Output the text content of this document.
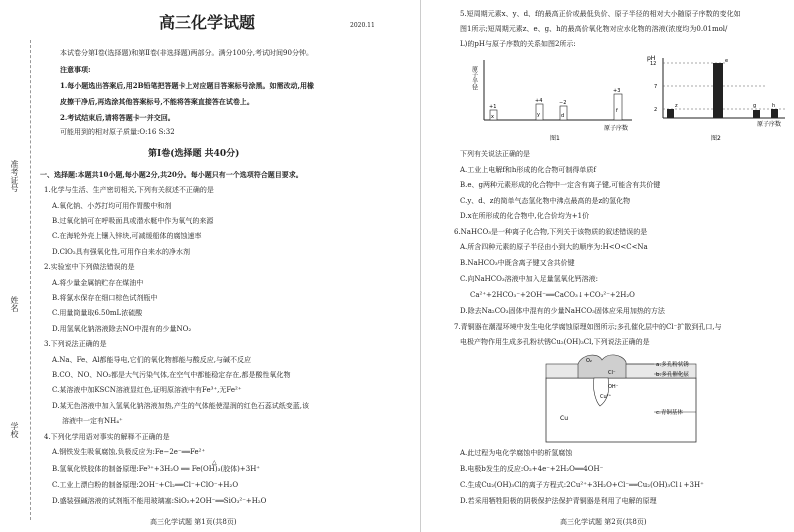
准考证号
姓名
学校
高三化学试题	2020.11
本试卷分第Ⅰ卷(选择题)和第Ⅱ卷(非选择题)两部分。满分100分,考试时间90分钟。
注意事项:
1.每小题选出答案后,用2B铅笔把答题卡上对应题目答案标号涂黑。如需改动,用橡
皮擦干净后,再选涂其他答案标号,不能将答案直接答在试卷上。
2.考试结束后,请将答题卡一并交回。
可能用到的相对原子质量:O:16 S:32
第Ⅰ卷(选择题 共40分)
一、选择题:本题共10小题,每小题2分,共20分。每小题只有一个选项符合题目要求。
1.化学与生活、生产密切相关,下列有关叙述不正确的是
A.氧化钠、小苏打均可用作胃酸中和剂
B.过氧化钠可在呼吸面具或潜水艇中作为氧气的来源
C.在海轮外壳上镶入锌块,可减缓船体的腐蚀速率
D.ClO₂具有强氧化性,可用作自来水的净水剂
2.实验室中下列做法错误的是
A.将少量金属钠贮存在煤油中
B.将氯水保存在细口棕色试剂瓶中
C.用量筒量取6.50mL浓硫酸
D.用氢氧化钠溶液除去NO中混有的少量NO₂
3.下列说法正确的是
A.Na、Fe、Al都能导电,它们的氧化物都能与酸反应,与碱不反应
B.CO、NO、NO₂都是大气污染气体,在空气中都能稳定存在,都是酸性氧化物
C.某溶液中加KSCN溶液显红色,证明原溶液中有Fe³⁺,无Fe²⁺
D.某无色溶液中加入氢氧化钠溶液加热,产生的气体能使湿润的红色石蕊试纸变蓝,该
溶液中一定有NH₄⁺
4.下列化学用语对事实的解释不正确的是
A.钢铁发生吸氧腐蚀,负极反应为:Fe−2e⁻══Fe²⁺
△
B.氢氧化铁胶体的制备原理:Fe³⁺+3H₂O ══ Fe(OH)₃(胶体)+3H⁺
C.工业上漂白粉的制备原理:2OH⁻+Cl₂══Cl⁻+ClO⁻+H₂O
D.盛装强碱溶液的试剂瓶不能用玻璃塞:SiO₂+2OH⁻══SiO₃²⁻+H₂O
高三化学试题 第1页(共8页)
5.短周期元素x、y、d、f的最高正价或最低负价、原子半径的相对大小随原子序数的变化如
图1所示;短周期元素z、e、g、h的最高价氧化物对应水化物的溶液(浓度均为0.01mol/
L)的pH与原子序数的关系如图2所示:
原子半径
原子序数
图1
+1
x
+4
y
−2
d
+3
f
pH
原子序数
图2
12
7
2
z
e
g	h
下列有关说法正确的是
A.工业上电解f和h形成的化合物可制得单质f
B.e、g两种元素形成的化合物中一定含有离子键,可能含有共价键
C.y、d、z的简单气态氢化物中沸点最高的是z的氢化物
D.x在所形成的化合物中,化合价均为+1价
6.NaHCO₃是一种离子化合物,下列关于该物质的叙述错误的是
A.所含四种元素的原子半径由小到大的顺序为:H<O<C<Na
B.NaHCO₃中既含离子键又含共价键
C.向NaHCO₃溶液中加入足量氢氧化钙溶液:
Ca²⁺+2HCO₃⁻+2OH⁻══CaCO₃↓+CO₃²⁻+2H₂O
D.除去Na₂CO₃固体中混有的少量NaHCO₃固体应采用加热的方法
7.青铜器在潮湿环境中发生电化学腐蚀原理如图所示;多孔催化层中的Cl⁻扩散到孔口,与
电极产物作用生成多孔粉状锈Cu₂(OH)₃Cl,下列说法正确的是
O₂
OH⁻
Cl⁻
Cu²⁺
Cu
a:多孔粉状锈
b:多孔催化层
c:青铜基体
A.此过程为电化学腐蚀中的析氢腐蚀
B.电极b发生的反应:O₂+4e⁻+2H₂O══4OH⁻
C.生成Cu₂(OH)₃Cl的离子方程式:2Cu²⁺+3H₂O+Cl⁻══Cu₂(OH)₃Cl↓+3H⁺
D.若采用牺牲阳极的阴极保护法保护青铜器是利用了电解的原理
高三化学试题 第2页(共8页)
